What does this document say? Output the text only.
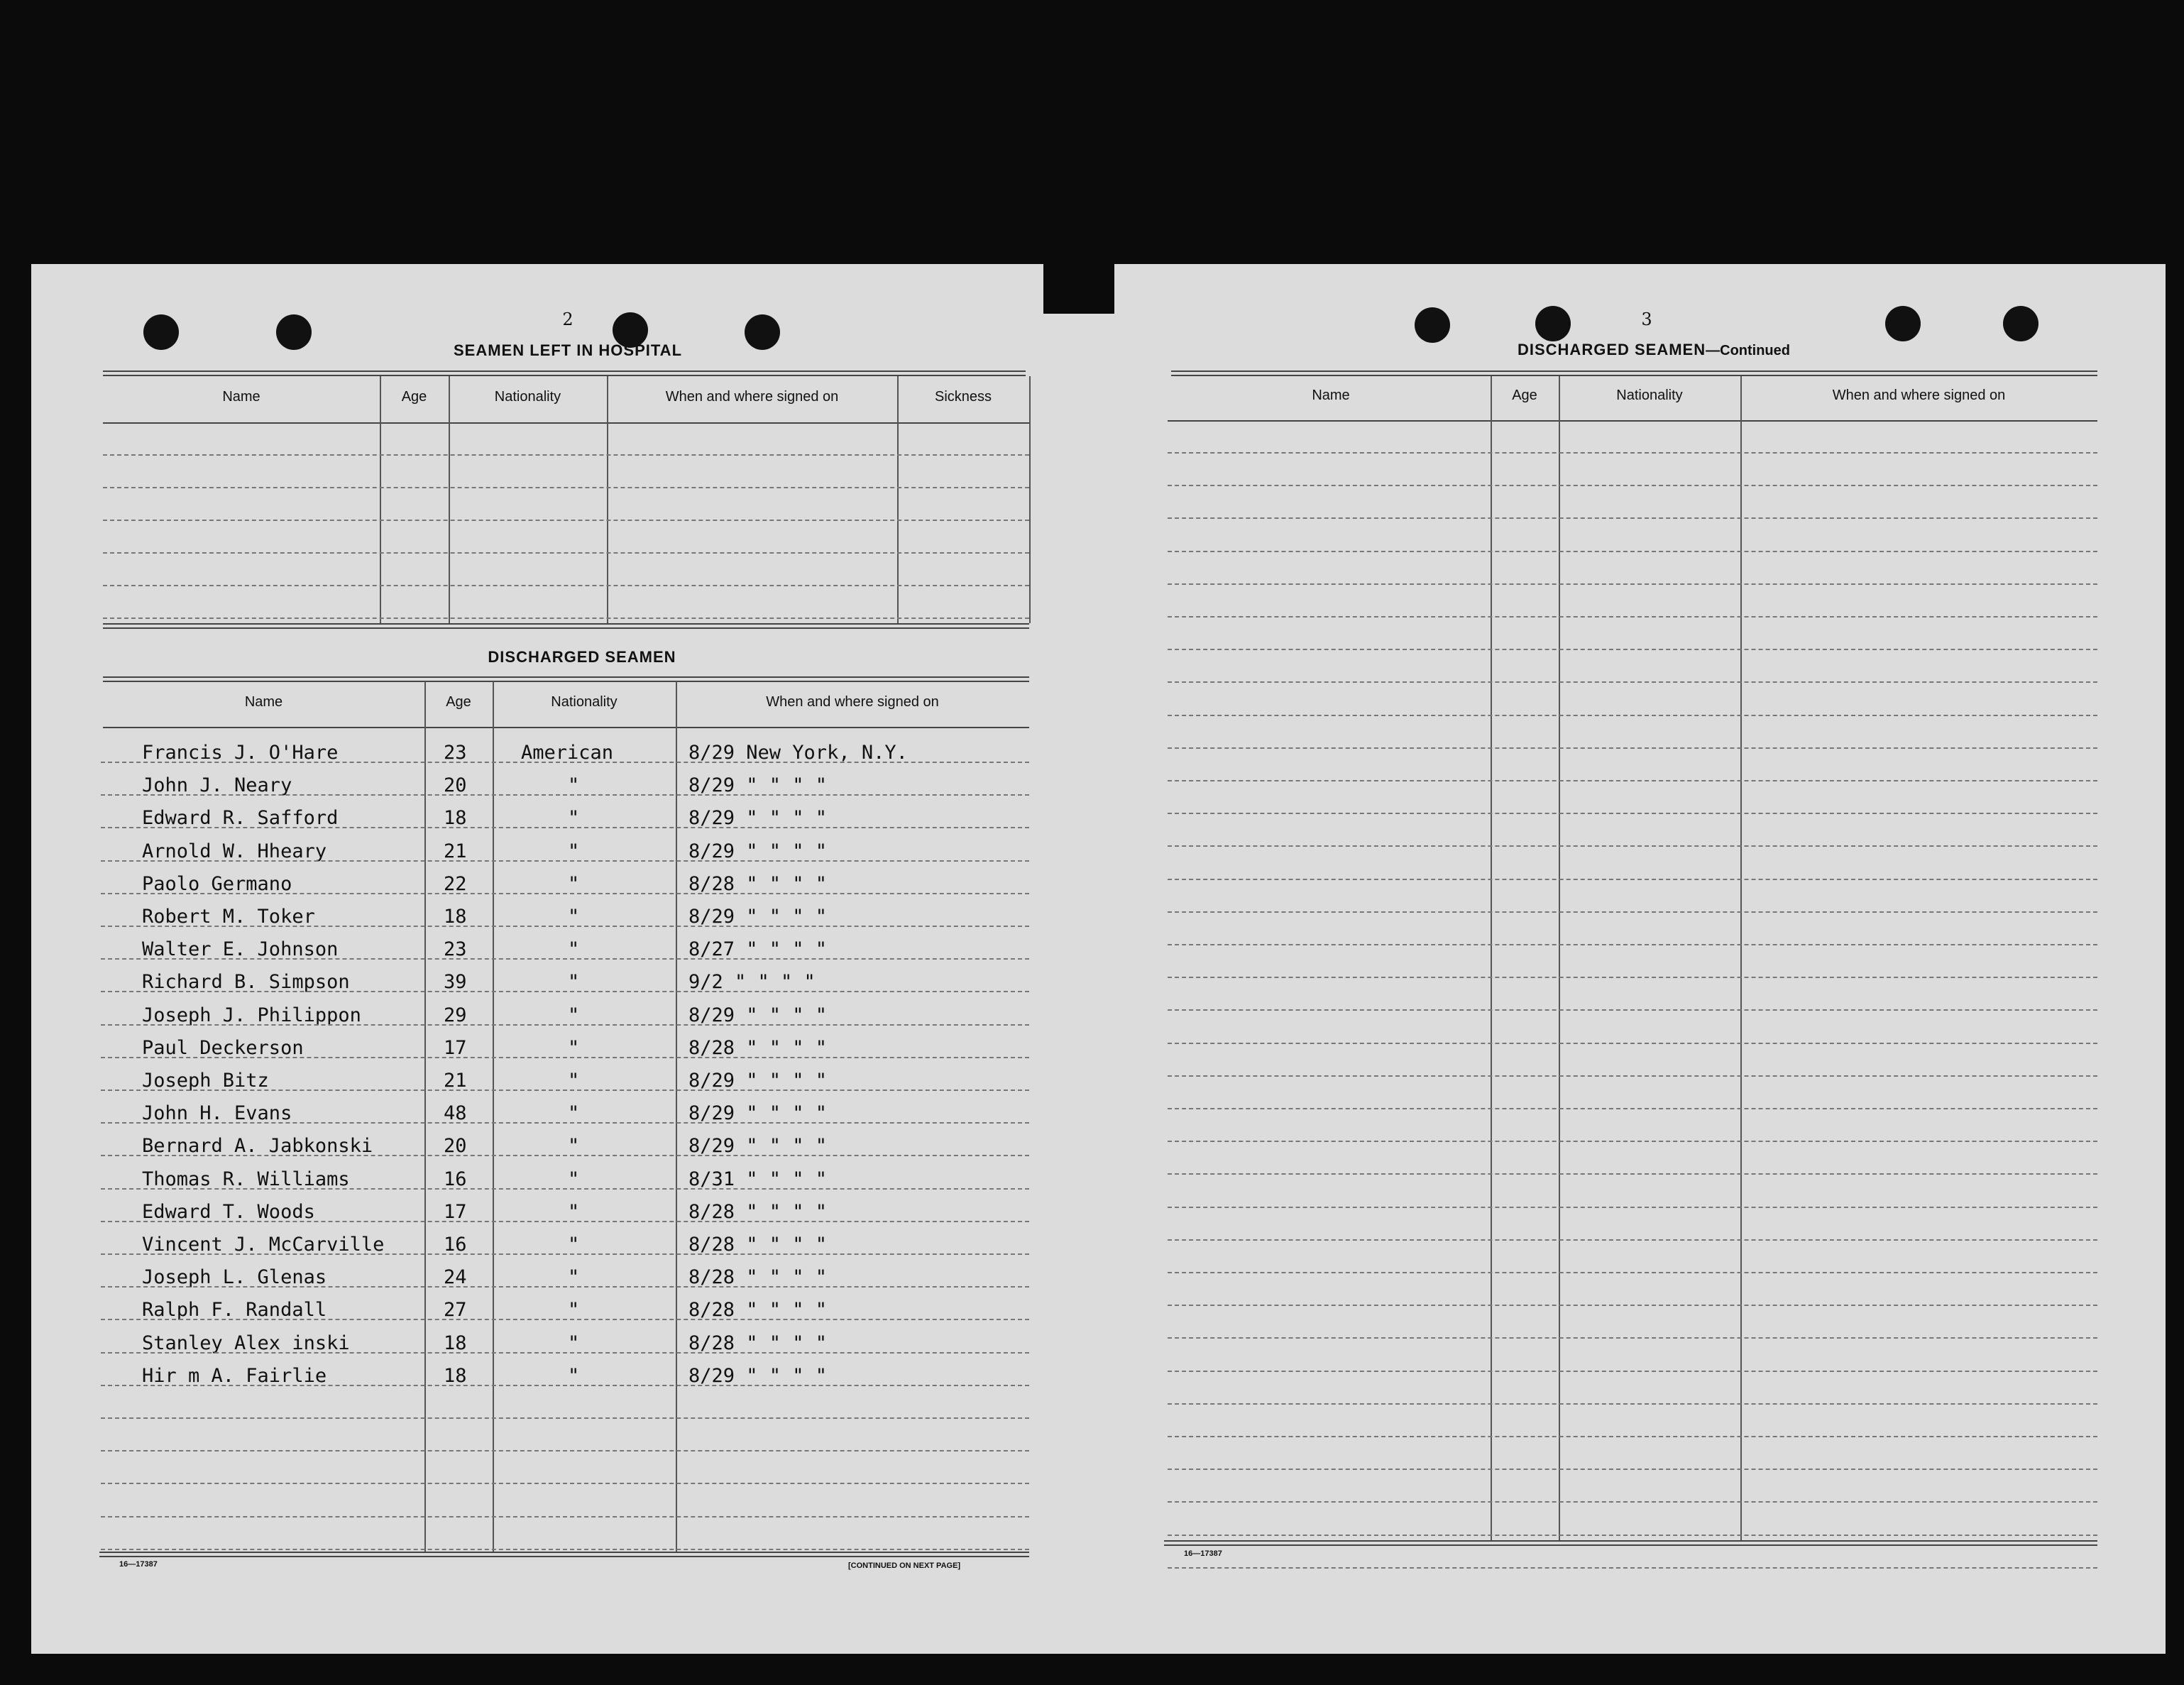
2
SEAMEN LEFT IN HOSPITAL
Name	Age	Nationality	When and where signed on	Sickness
DISCHARGED SEAMEN
Name	Age	Nationality	When and where signed on
Francis J. O'Hare	23	American	8/29 New York, N.Y.
John J. Neary	20	"	8/29 " " " "
Edward R. Safford	18	"	8/29 " " " "
Arnold W. Hheary	21	"	8/29 " " " "
Paolo Germano	22	"	8/28 " " " "
Robert M. Toker	18	"	8/29 " " " "
Walter E. Johnson	23	"	8/27 " " " "
Richard B. Simpson	39	"	9/2 " " " "
Joseph J. Philippon	29	"	8/29 " " " "
Paul Deckerson	17	"	8/28 " " " "
Joseph Bitz	21	"	8/29 " " " "
John H. Evans	48	"	8/29 " " " "
Bernard A. Jabkonski	20	"	8/29 " " " "
Thomas R. Williams	16	"	8/31 " " " "
Edward T. Woods	17	"	8/28 " " " "
Vincent J. McCarville	16	"	8/28 " " " "
Joseph L. Glenas	24	"	8/28 " " " "
Ralph F. Randall	27	"	8/28 " " " "
Stanley Alex inski	18	"	8/28 " " " "
Hir m A. Fairlie	18	"	8/29 " " " "
3
DISCHARGED SEAMEN—Continued
Name	Age	Nationality	When and where signed on
16—17387	[CONTINUED ON NEXT PAGE]
16—17387
